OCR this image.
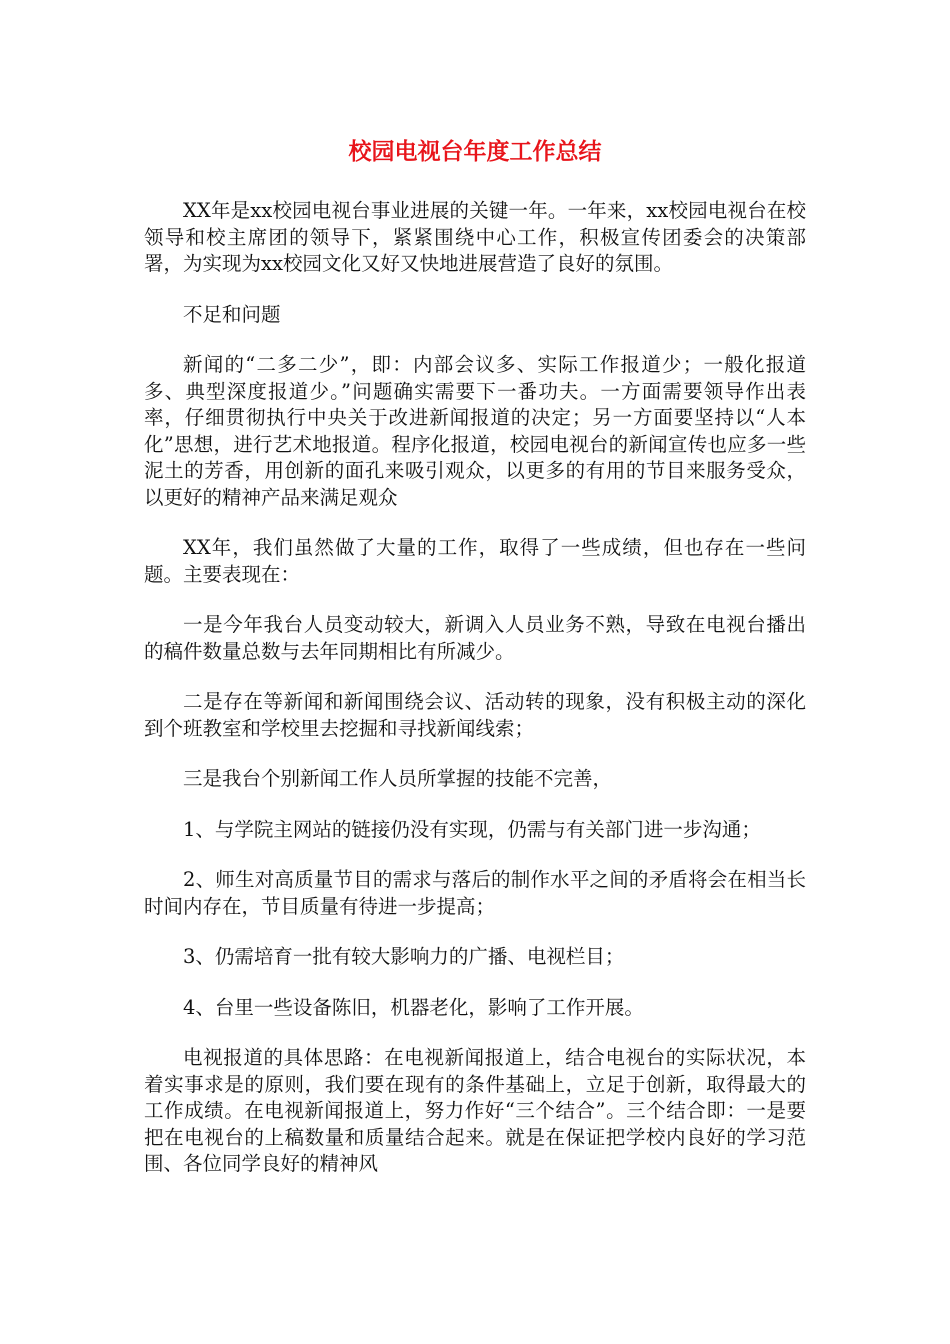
校园电视台年度工作总结

XX年是xx校园电视台事业进展的关键一年。一年来，xx校园电视台在校领导和校主席团的领导下，紧紧围绕中心工作，积极宣传团委会的决策部署，为实现为xx校园文化又好又快地进展营造了良好的氛围。

不足和问题

新闻的“二多二少”，即：内部会议多、实际工作报道少；一般化报道多、典型深度报道少。”问题确实需要下一番功夫。一方面需要领导作出表率，仔细贯彻执行中央关于改进新闻报道的决定；另一方面要坚持以“人本化”思想，进行艺术地报道。程序化报道，校园电视台的新闻宣传也应多一些泥土的芳香，用创新的面孔来吸引观众，以更多的有用的节目来服务受众，以更好的精神产品来满足观众

XX年，我们虽然做了大量的工作，取得了一些成绩，但也存在一些问题。主要表现在：

一是今年我台人员变动较大，新调入人员业务不熟，导致在电视台播出的稿件数量总数与去年同期相比有所减少。

二是存在等新闻和新闻围绕会议、活动转的现象，没有积极主动的深化到个班教室和学校里去挖掘和寻找新闻线索；

三是我台个别新闻工作人员所掌握的技能不完善，

1、与学院主网站的链接仍没有实现，仍需与有关部门进一步沟通；

2、师生对高质量节目的需求与落后的制作水平之间的矛盾将会在相当长时间内存在，节目质量有待进一步提高；

3、仍需培育一批有较大影响力的广播、电视栏目；

4、台里一些设备陈旧，机器老化，影响了工作开展。

电视报道的具体思路：在电视新闻报道上，结合电视台的实际状况，本着实事求是的原则，我们要在现有的条件基础上，立足于创新，取得最大的工作成绩。在电视新闻报道上，努力作好“三个结合”。三个结合即：一是要把在电视台的上稿数量和质量结合起来。就是在保证把学校内良好的学习范围、各位同学良好的精神风
